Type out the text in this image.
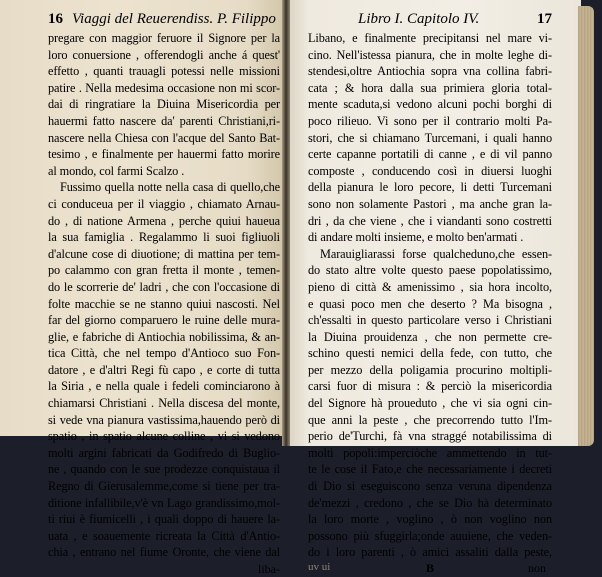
16 Viaggi del Reuerendiss. P. Filippo
pregare con maggior feruore il Signore per la
loro conuersione , offerendogli anche á quest'
effetto , quanti trauagli potessi nelle missioni
patire . Nella medesima occasione non mi scor-
dai di ringratiare la Diuina Misericordia per
hauermi fatto nascere da' parenti Christiani,ri-
nascere nella Chiesa con l'acque del Santo Bat-
tesimo , e finalmente per hauermi fatto morire
al mondo, col farmi Scalzo .
Fussimo quella notte nella casa di quello,che
ci conduceua per il viaggio , chiamato Arnau-
do , di natione Armena , perche quiui haueua
la sua famiglia . Regalammo li suoi figliuoli
d'alcune cose di diuotione; di mattina per tem-
po calammo con gran fretta il monte , temen-
do le scorrerie de' ladri , che con l'occasione di
folte macchie se ne stanno quiui nascosti. Nel
far del giorno comparuero le ruine delle mura-
glie, e fabriche di Antiochia nobilissima, & an-
tica Città, che nel tempo d'Antioco suo Fon-
datore , e d'altri Regi fù capo , e corte di tutta
la Siria , e nella quale i fedeli cominciarono à
chiamarsi Christiani . Nella discesa del monte,
si vede vna pianura vastissima,hauendo però di
spatio , in spatio alcune colline , vi si vedono
molti argini fabricati da Godifredo di Buglio-
ne , quando con le sue prodezze conquistaua il
Regno di Gierusalemme,come si tiene per tra-
ditione infallibile,v'è vn Lago grandissimo,mol-
ti riui è fiumicelli , i quali doppo di hauere la-
uata , e soauemente ricreata la Città d'Antio-
chia , entrano nel fiume Oronte, che viene dal
liba-
Libro I. Capitolo IV.	17
Libano, e finalmente precipitansi nel mare vi-
cino. Nell'istessa pianura, che in molte leghe di-
stendesi,oltre Antiochia sopra vna collina fabri-
cata ; & hora dalla sua primiera gloria total-
mente scaduta,si vedono alcuni pochi borghi di
poco rilieuo. Vi sono per il contrario molti Pa-
stori, che si chiamano Turcemani, i quali hanno
certe capanne portatili di canne , e di vil panno
composte , conducendo così in diuersi luoghi
della pianura le loro pecore, li detti Turcemani
sono non solamente Pastori , ma anche gran la-
dri , da che viene , che i viandanti sono costretti
di andare molti insieme, e molto ben'armati .
Marauigliarassi forse qualcheduno,che essen-
do stato altre volte questo paese popolatissimo,
pieno di città & amenissimo , sia hora incolto,
e quasi poco men che deserto ? Ma bisogna ,
ch'essalti in questo particolare verso i Christiani
la Diuina prouidenza , che non permette cre-
schino questi nemici della fede, con tutto, che
per mezzo della poligamia procurino moltipli-
carsi fuor di misura : & perciò la misericordia
del Signore hà proueduto , che vi sia ogni cin-
que anni la peste , che precorrendo tutto l'Im-
perio de'Turchi, fà vna straggé notabilissima di
molti popoli:imperciòche ammettendo in tut-
te le cose il Fato,e che necessariamente i decreti
di Dio si eseguiscono senza veruna dipendenza
de'mezzi , credono , che se Dio hà determinato
la loro morte , voglino , ò non voglino non
possono più sfuggirla;onde auuiene, che veden-
do i loro parenti , ò amici assaliti dalla peste,
uv ui	B	non
